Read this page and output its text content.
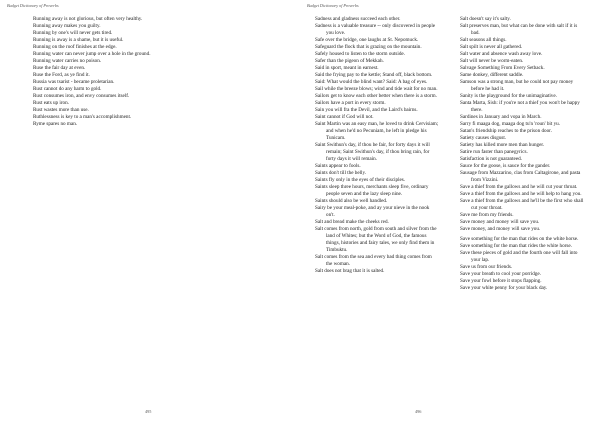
Budget Dictionary of Proverbs

Running away is not glorious, but often very healthy.

Running away makes you guilty.

Running by one's will never gets tired.

Running is away is a shame, but it is useful.

Running on the roof finishes at the edge.

Running water can never jump over a hole in the ground.

Running water carries no poison.

Ruse the fair day at even.

Ruse the Ford, as ye find it.

Russia was tsarist - became proletarian.

Rust cannot do any harm to gold.

Rust consumes iron, and envy consumes itself.

Rust eats up iron.

Rust wastes more than use.

Ruthlessness is key to a man's accomplishment.

Ryme spares no man.

495
Budget Dictionary of Proverbs

Sadness and gladness succeed each other.

Sadness is a valuable treasure -- only discovered in people you love.

Safe over the bridge, one laughs at St. Nepomuck.

Safeguard the flock that is grazing on the mountain.

Safely housed to listen to the storm outside.

Safer than the pigeon of Mekkah.

Said in sport, meant in earnest.

Said the frying pay to the kettle; Stand off, black bottom.

Said: What would the blind want? Said: A bag of eyes.

Sail while the breeze blows; wind and tide wait for no man.

Sailors get to know each other better when there is a storm.

Sailors have a port in every storm.

Sain you will fra the Devil, and the Laird's bairns.

Saint cannot if God will not.

Saint Martin was an easy man, he loved to drink Cervisiam; and when he'd no Pecuniam, he left in pledge his Tunicam.

Saint Swithun's day, if thou be fair, for forty days it will remain; Saint Swithun's day, if thou bring rain, for forty days it will remain.

Saints appear to fools.

Saints don't till the belly.

Saints fly only in the eyes of their disciples.

Saints sleep three hours, merchants sleep five, ordinary people seven and the lazy sleep nine.

Saints should also be well handled.

Sairy be your meal-poke, and ay your nieve in the nook on't.

Salt and bread make the cheeks red.

Salt comes from north, gold from south and silver from the land of Whites; but the Word of God, the famous things, histories and fairy tales, we only find them in Timbuktu.

Salt comes from the sea and every bad thing comes from the woman.

Salt does not brag that it is salted.

Salt doesn't say it's salty.

Salt preserves man, but what can be done with salt if it is bad.

Salt seasons all things.

Salt spilt is never all gathered.

Salt water and absence wash away love.

Salt will never be worm-eaten.

Salvage Something From Every Setback.

Same donkey, different saddle.

Samson was a strong man, but he could not pay money before he had it.

Sanity is the playground for the unimaginative.

Santa Marta, Sish: if you're not a thief you won't be happy there.

Sardines in January and vopa in March.

Sarry fi maaga dog, maaga dog tu'n 'roun' bit yu.

Satan's friendship reaches to the prison door.

Satiety causes disgust.

Satiety has killed more men than hunger.

Satire run faster than panegyrics.

Satisfaction is not guaranteed.

Sauce for the goose, is sauce for the gander.

Sausage from Mazzarino, clas from Caltagirone, and pasta from Vizzini.

Save a thief from the gallows and he will cut your throat.

Save a thief from the gallows and he will help to hang you.

Save a thief from the gallows and he'll be the first who shall cut your throat.

Save me from my friends.

Save money and money will save you.

Save money, and money will save you.

Save something for the man that rides on the white horse.

Save something for the man that rides the white horse.

Save these pieces of gold and the fourth one will fall into your lap.

Save us from our friends.

Save your breath to cool your porridge.

Save your fowl before it stops flapping.

Save your white penny for your black day.

496
